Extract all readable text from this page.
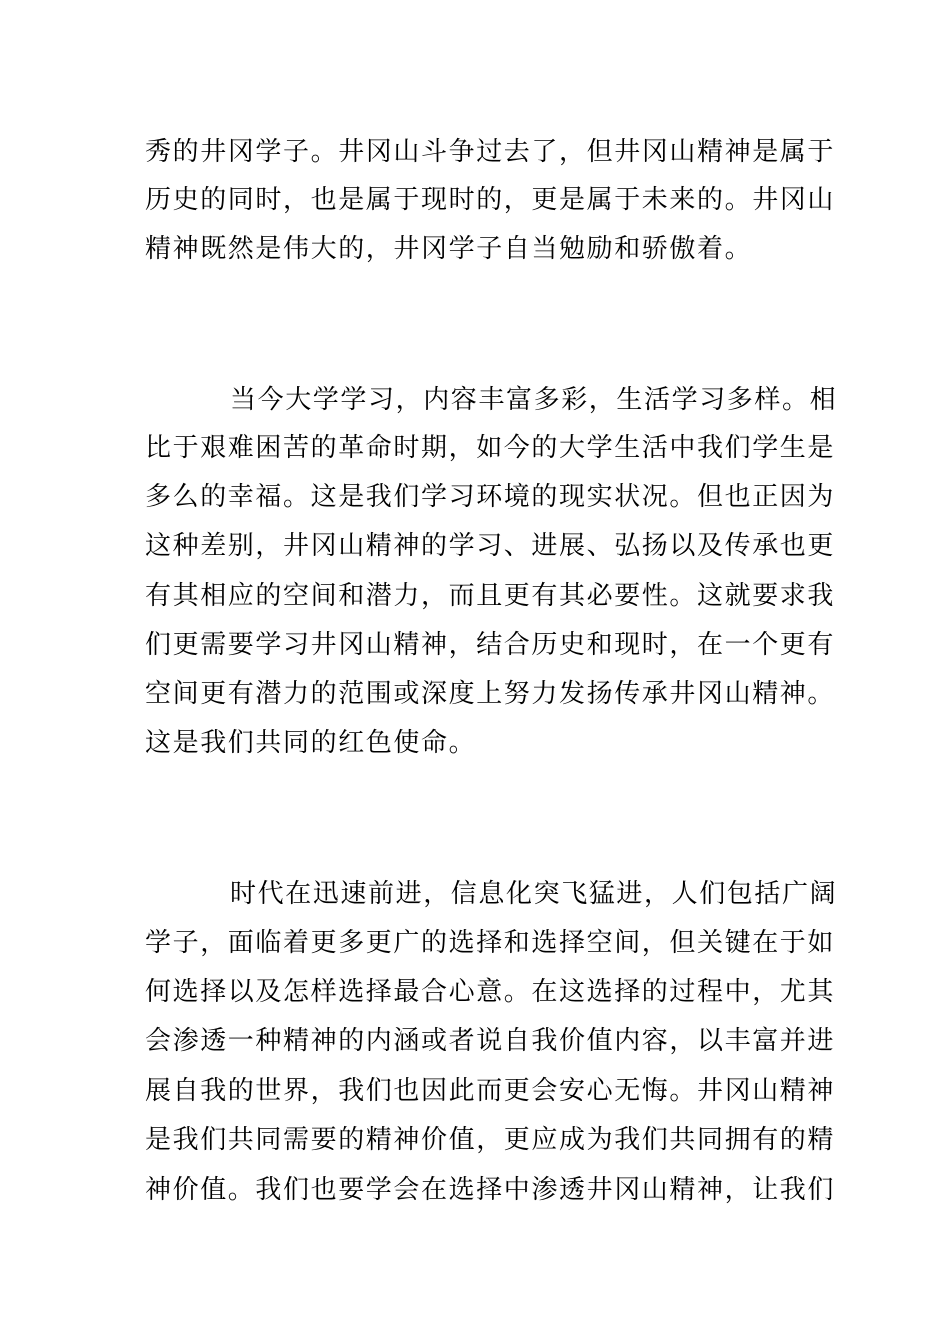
秀的井冈学子。井冈山斗争过去了，但井冈山精神是属于
历史的同时，也是属于现时的，更是属于未来的。井冈山
精神既然是伟大的，井冈学子自当勉励和骄傲着。
当今大学学习，内容丰富多彩，生活学习多样。相
比于艰难困苦的革命时期，如今的大学生活中我们学生是
多么的幸福。这是我们学习环境的现实状况。但也正因为
这种差别，井冈山精神的学习、进展、弘扬以及传承也更
有其相应的空间和潜力，而且更有其必要性。这就要求我
们更需要学习井冈山精神，结合历史和现时，在一个更有
空间更有潜力的范围或深度上努力发扬传承井冈山精神。
这是我们共同的红色使命。
时代在迅速前进，信息化突飞猛进，人们包括广阔
学子，面临着更多更广的选择和选择空间，但关键在于如
何选择以及怎样选择最合心意。在这选择的过程中，尤其
会渗透一种精神的内涵或者说自我价值内容，以丰富并进
展自我的世界，我们也因此而更会安心无悔。井冈山精神
是我们共同需要的精神价值，更应成为我们共同拥有的精
神价值。我们也要学会在选择中渗透井冈山精神，让我们
